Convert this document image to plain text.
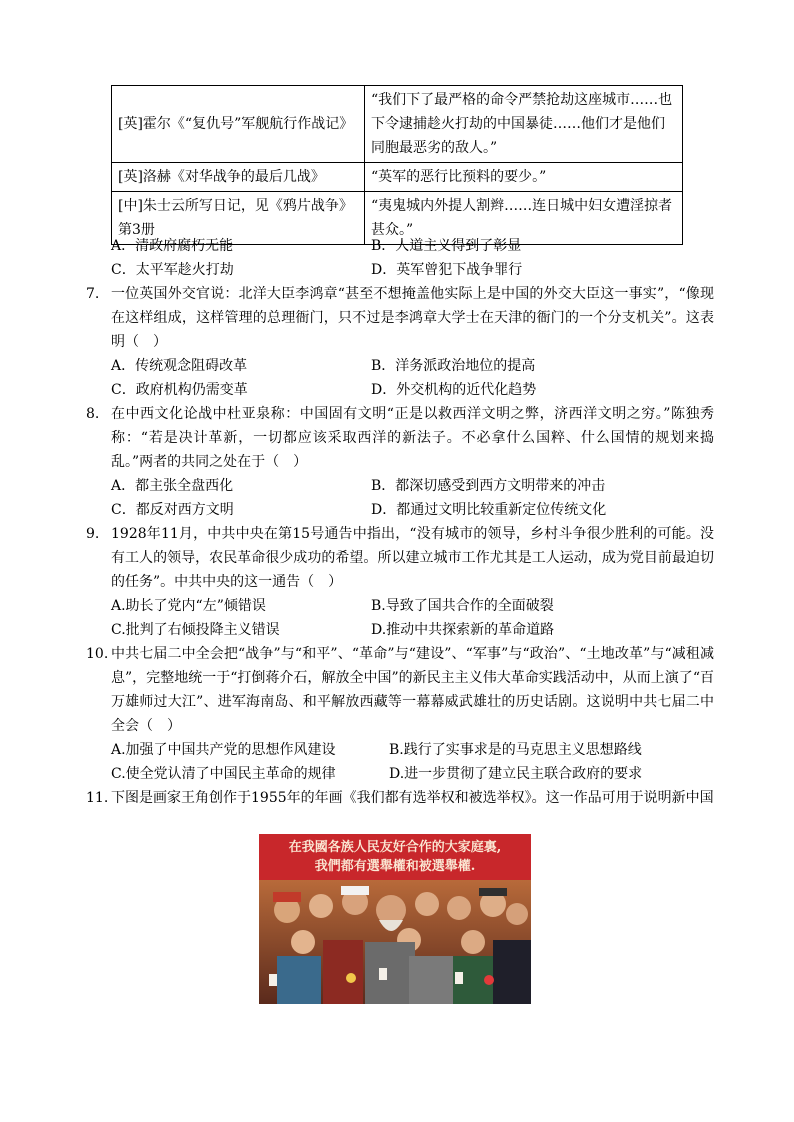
[英]霍尔《“复仇号”军舰航行作战记》	“我们下了最严格的命令严禁抢劫这座城市……也下令逮捕趁火打劫的中国暴徒……他们才是他们同胞最恶劣的敌人。”
[英]洛赫《对华战争的最后几战》	“英军的恶行比预料的要少。”
[中]朱士云所写日记，见《鸦片战争》第3册	“夷鬼城内外提人割辫……连日城中妇女遭淫掠者甚众。”
A．清政府腐朽无能	B．人道主义得到了彰显
C．太平军趁火打劫	D．英军曾犯下战争罪行
7. 一位英国外交官说：北洋大臣李鸿章“甚至不想掩盖他实际上是中国的外交大臣这一事实”，“像现在这样组成，这样管理的总理衙门，只不过是李鸿章大学士在天津的衙门的一个分支机关”。这表明（　）
A．传统观念阻碍改革	B．洋务派政治地位的提高
C．政府机构仍需变革	D．外交机构的近代化趋势
8. 在中西文化论战中杜亚泉称：中国固有文明“正是以救西洋文明之弊，济西洋文明之穷。”陈独秀称：“若是决计革新，一切都应该采取西洋的新法子。不必拿什么国粹、什么国情的规划来捣乱。”两者的共同之处在于（　）
A．都主张全盘西化	B．都深切感受到西方文明带来的冲击
C．都反对西方文明	D．都通过文明比较重新定位传统文化
9. 1928年11月，中共中央在第15号通告中指出，“没有城市的领导，乡村斗争很少胜利的可能。没有工人的领导，农民革命很少成功的希望。所以建立城市工作尤其是工人运动，成为党目前最迫切的任务”。中共中央的这一通告（　）
A.助长了党内“左”倾错误	B.导致了国共合作的全面破裂
C.批判了右倾投降主义错误	D.推动中共探索新的革命道路
10. 中共七届二中全会把“战争”与“和平”、“革命”与“建设”、“军事”与“政治”、“土地改革”与“减租减息”，完整地统一于“打倒蒋介石，解放全中国”的新民主主义伟大革命实践活动中，从而上演了“百万雄师过大江”、进军海南岛、和平解放西藏等一幕幕威武雄壮的历史话剧。这说明中共七届二中全会（　）
A.加强了中国共产党的思想作风建设	B.践行了实事求是的马克思主义思想路线
C.使全党认清了中国民主革命的规律	D.进一步贯彻了建立民主联合政府的要求
11. 下图是画家王角创作于1955年的年画《我们都有选举权和被选举权》。这一作品可用于说明新中国
在我國各族人民友好合作的大家庭裏,
我們都有選舉權和被選舉權.
